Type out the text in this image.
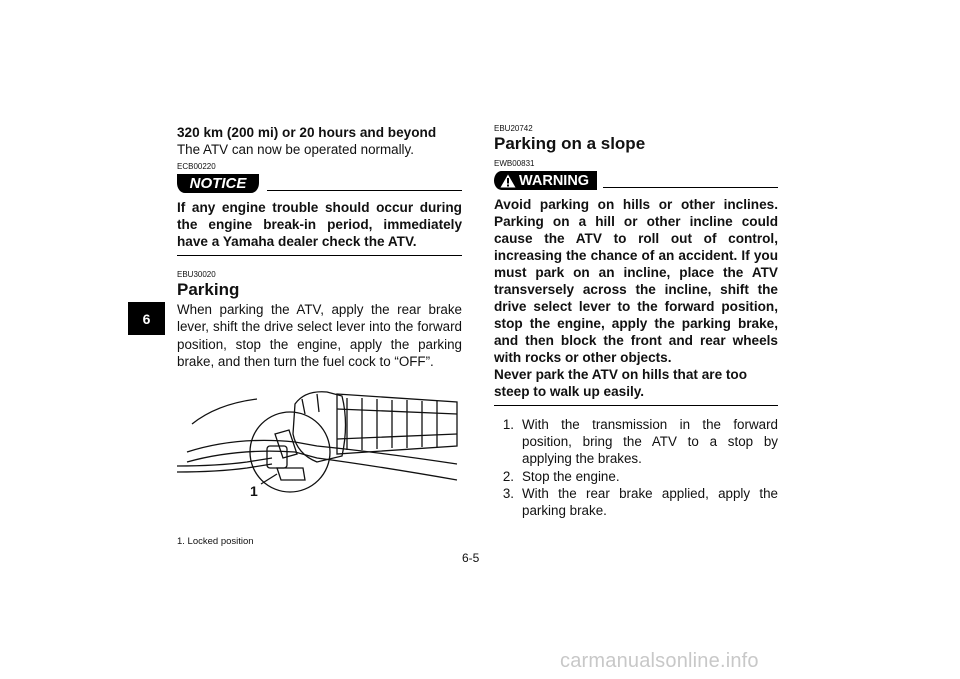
6
320 km (200 mi) or 20 hours and beyond
The ATV can now be operated normally.
ECB00220
NOTICE
If any engine trouble should occur during the engine break-in period, immediately have a Yamaha dealer check the ATV.
EBU30020
Parking
When parking the ATV, apply the rear brake lever, shift the drive select lever into the forward position, stop the engine, apply the parking brake, and then turn the fuel cock to “OFF”.
1
1. Locked position
EBU20742
Parking on a slope
EWB00831
WARNING
Avoid parking on hills or other inclines. Parking on a hill or other incline could cause the ATV to roll out of control, increasing the chance of an accident. If you must park on an incline, place the ATV transversely across the incline, shift the drive select lever to the forward position, stop the engine, apply the parking brake, and then block the front and rear wheels with rocks or other objects.
Never park the ATV on hills that are too steep to walk up easily.
1. With the transmission in the forward position, bring the ATV to a stop by applying the brakes.
2. Stop the engine.
3. With the rear brake applied, apply the parking brake.
6-5
carmanualsonline.info
